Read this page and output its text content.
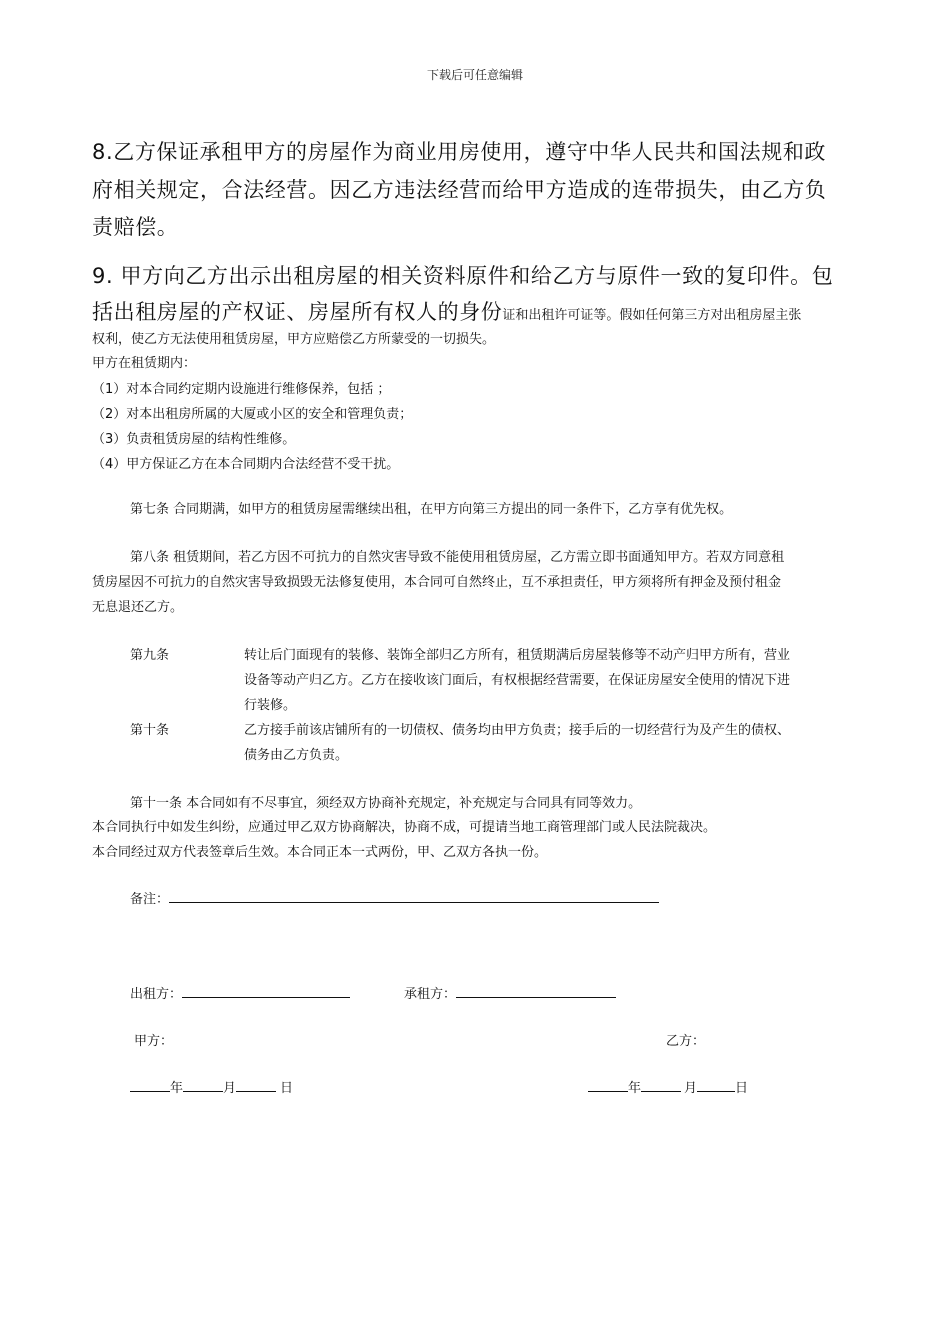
下载后可任意编辑
8.乙方保证承租甲方的房屋作为商业用房使用，遵守中华人民共和国法规和政
府相关规定，合法经营。因乙方违法经营而给甲方造成的连带损失，由乙方负
责赔偿。
9. 甲方向乙方出示出租房屋的相关资料原件和给乙方与原件一致的复印件。包
括出租房屋的产权证、房屋所有权人的身份证和出租许可证等。假如任何第三方对出租房屋主张
权利，使乙方无法使用租赁房屋，甲方应赔偿乙方所蒙受的一切损失。
甲方在租赁期内：
（1）对本合同约定期内设施进行维修保养，包括 ；
（2）对本出租房所属的大厦或小区的安全和管理负责；
（3）负责租赁房屋的结构性维修。
（4）甲方保证乙方在本合同期内合法经营不受干扰。
第七条 合同期满，如甲方的租赁房屋需继续出租，在甲方向第三方提出的同一条件下，乙方享有优先权。
第八条 租赁期间，若乙方因不可抗力的自然灾害导致不能使用租赁房屋，乙方需立即书面通知甲方。若双方同意租
赁房屋因不可抗力的自然灾害导致损毁无法修复使用，本合同可自然终止，互不承担责任，甲方须将所有押金及预付租金
无息退还乙方。
第九条	转让后门面现有的装修、装饰全部归乙方所有，租赁期满后房屋装修等不动产归甲方所有，营业
设备等动产归乙方。乙方在接收该门面后，有权根据经营需要，在保证房屋安全使用的情况下进
行装修。
第十条	乙方接手前该店铺所有的一切债权、债务均由甲方负责；接手后的一切经营行为及产生的债权、
债务由乙方负责。
第十一条 本合同如有不尽事宜，须经双方协商补充规定，补充规定与合同具有同等效力。
本合同执行中如发生纠纷，应通过甲乙双方协商解决，协商不成，可提请当地工商管理部门或人民法院裁决。
本合同经过双方代表签章后生效。本合同正本一式两份，甲、乙双方各执一份。
备注：
出租方：	承租方：
甲方：	乙方：
年	月	日	年	月	日
